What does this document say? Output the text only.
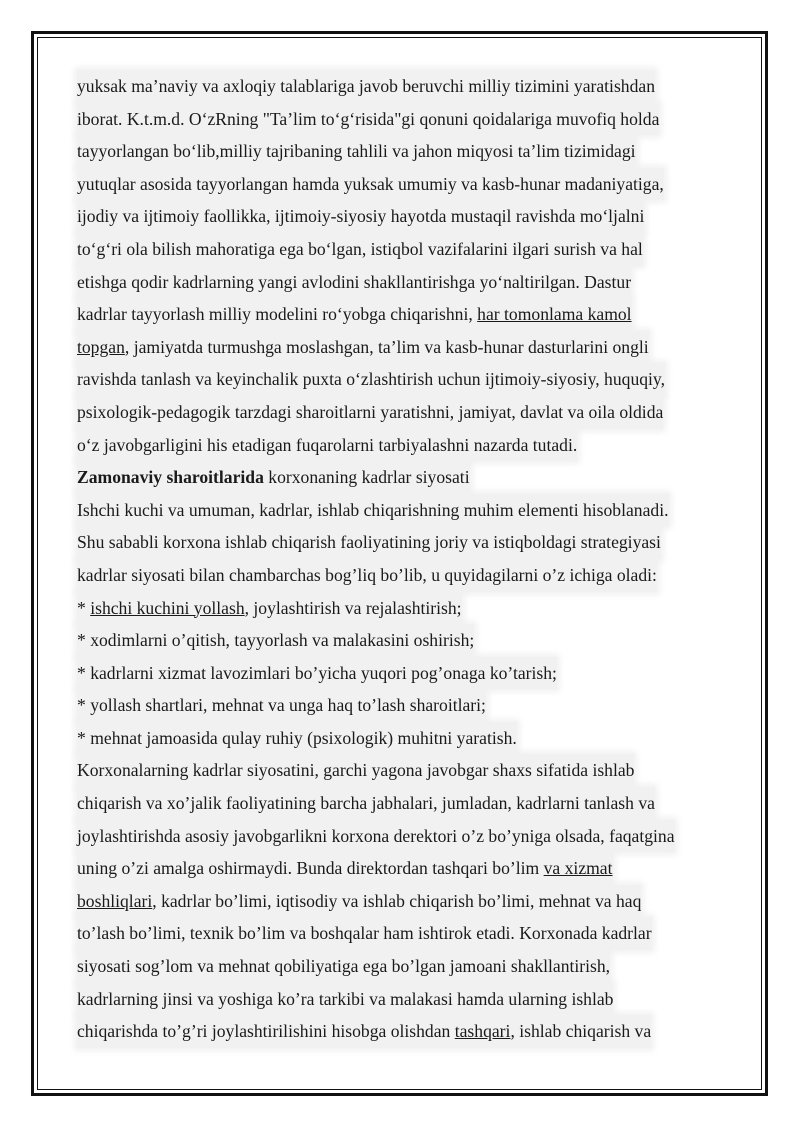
yuksak ma’naviy va axloqiy talablariga javob beruvchi milliy tizimini yaratishdan
iborat. K.t.m.d. O‘zRning "Ta’lim to‘g‘risida"gi qonuni qoidalariga muvofiq holda
tayyorlangan bo‘lib,milliy tajribaning tahlili va jahon miqyosi ta’lim tizimidagi
yutuqlar asosida tayyorlangan hamda yuksak umumiy va kasb-hunar madaniyatiga,
ijodiy va ijtimoiy faollikka, ijtimoiy-siyosiy hayotda mustaqil ravishda mo‘ljalni
to‘g‘ri ola bilish mahoratiga ega bo‘lgan, istiqbol vazifalarini ilgari surish va hal
etishga qodir kadrlarning yangi avlodini shakllantirishga yo‘naltirilgan. Dastur
kadrlar tayyorlash milliy modelini ro‘yobga chiqarishni, har tomonlama kamol
topgan, jamiyatda turmushga moslashgan, ta’lim va kasb-hunar dasturlarini ongli
ravishda tanlash va keyinchalik puxta o‘zlashtirish uchun ijtimoiy-siyosiy, huquqiy,
psixologik-pedagogik tarzdagi sharoitlarni yaratishni, jamiyat, davlat va oila oldida
o‘z javobgarligini his etadigan fuqarolarni tarbiyalashni nazarda tutadi.
Zamonaviy sharoitlarida korxonaning kadrlar siyosati
Ishchi kuchi va umuman, kadrlar, ishlab chiqarishning muhim elementi hisoblanadi.
Shu sababli korxona ishlab chiqarish faoliyatining joriy va istiqboldagi strategiyasi
kadrlar siyosati bilan chambarchas bog’liq bo’lib, u quyidagilarni o’z ichiga oladi:
* ishchi kuchini yollash, joylashtirish va rejalashtirish;
* xodimlarni o’qitish, tayyorlash va malakasini oshirish;
* kadrlarni xizmat lavozimlari bo’yicha yuqori pog’onaga ko’tarish;
* yollash shartlari, mehnat va unga haq to’lash sharoitlari;
* mehnat jamoasida qulay ruhiy (psixologik) muhitni yaratish.
Korxonalarning kadrlar siyosatini, garchi yagona javobgar shaxs sifatida ishlab
chiqarish va xo’jalik faoliyatining barcha jabhalari, jumladan, kadrlarni tanlash va
joylashtirishda asosiy javobgarlikni korxona derektori o’z bo’yniga olsada, faqatgina
uning o’zi amalga oshirmaydi. Bunda direktordan tashqari bo’lim va xizmat
boshliqlari, kadrlar bo’limi, iqtisodiy va ishlab chiqarish bo’limi, mehnat va haq
to’lash bo’limi, texnik bo’lim va boshqalar ham ishtirok etadi. Korxonada kadrlar
siyosati sog’lom va mehnat qobiliyatiga ega bo’lgan jamoani shakllantirish,
kadrlarning jinsi va yoshiga ko’ra tarkibi va malakasi hamda ularning ishlab
chiqarishda to’g’ri joylashtirilishini hisobga olishdan tashqari, ishlab chiqarish va
